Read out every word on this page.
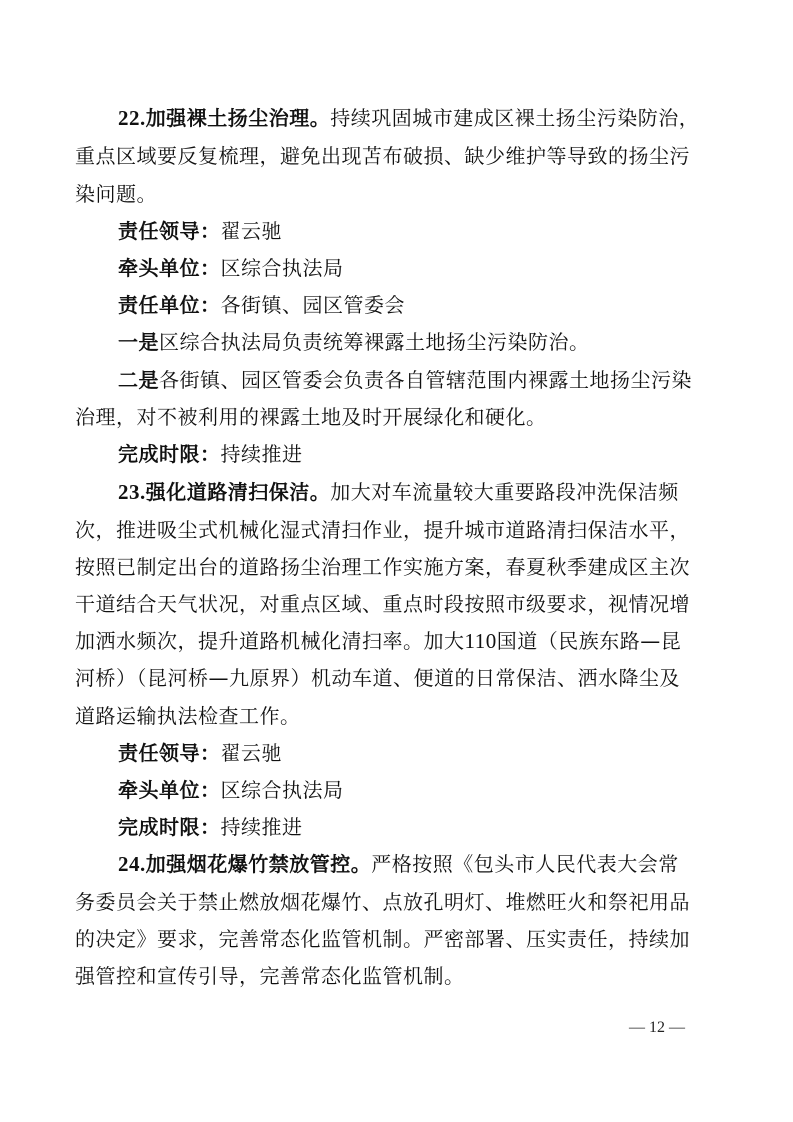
22.加强裸土扬尘治理。持续巩固城市建成区裸土扬尘污染防治，
重点区域要反复梳理，避免出现苫布破损、缺少维护等导致的扬尘污
染问题。
责任领导：翟云驰
牵头单位：区综合执法局
责任单位：各街镇、园区管委会
一是区综合执法局负责统筹裸露土地扬尘污染防治。
二是各街镇、园区管委会负责各自管辖范围内裸露土地扬尘污染
治理，对不被利用的裸露土地及时开展绿化和硬化。
完成时限：持续推进
23.强化道路清扫保洁。加大对车流量较大重要路段冲洗保洁频
次，推进吸尘式机械化湿式清扫作业，提升城市道路清扫保洁水平，
按照已制定出台的道路扬尘治理工作实施方案，春夏秋季建成区主次
干道结合天气状况，对重点区域、重点时段按照市级要求，视情况增
加洒水频次，提升道路机械化清扫率。加大110国道（民族东路—昆
河桥）（昆河桥—九原界）机动车道、便道的日常保洁、洒水降尘及
道路运输执法检查工作。
责任领导：翟云驰
牵头单位：区综合执法局
完成时限：持续推进
24.加强烟花爆竹禁放管控。严格按照《包头市人民代表大会常
务委员会关于禁止燃放烟花爆竹、点放孔明灯、堆燃旺火和祭祀用品
的决定》要求，完善常态化监管机制。严密部署、压实责任，持续加
强管控和宣传引导，完善常态化监管机制。
— 12 —
